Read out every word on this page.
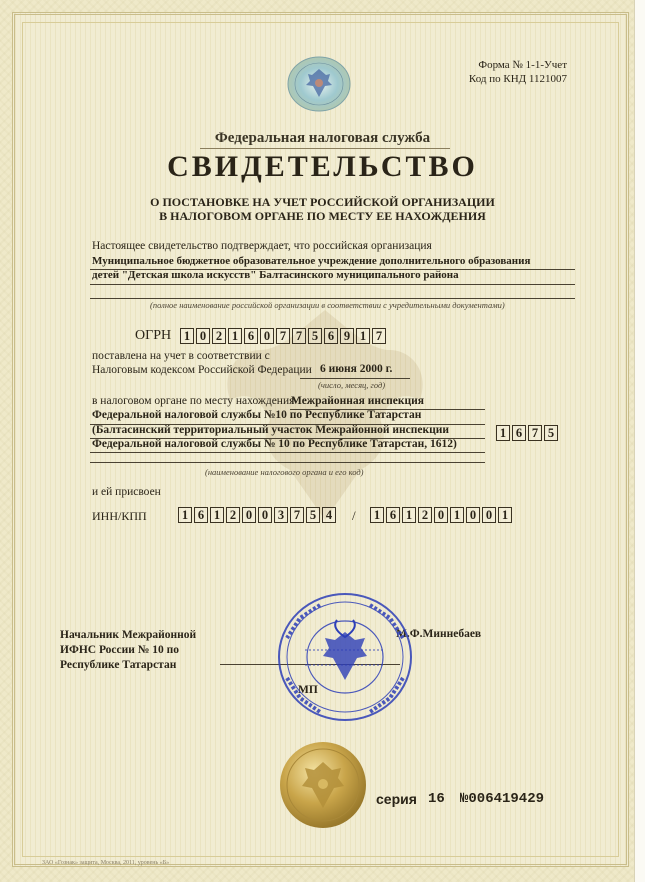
Форма № 1-1-Учет
Код по КНД 1121007
Федеральная налоговая служба
СВИДЕТЕЛЬСТВО
О ПОСТАНОВКЕ НА УЧЕТ РОССИЙСКОЙ ОРГАНИЗАЦИИ
В НАЛОГОВОМ ОРГАНЕ ПО МЕСТУ ЕЕ НАХОЖДЕНИЯ
Настоящее свидетельство подтверждает, что российская организация
Муниципальное бюджетное образовательное учреждение дополнительного образования
детей "Детская школа искусств" Балтасинского муниципального района
(полное наименование российской организации в соответствии с учредительными документами)
ОГРН	1 0 2 1 6 0 7 7 5 6 9 1 7
поставлена на учет в соответствии с
Налоговым кодексом Российской Федерации 6 июня 2000 г.
(число, месяц, год)
в налоговом органе по месту нахождения
Межрайонная инспекция
Федеральной налоговой службы №10 по Республике Татарстан
(Балтасинский территориальный участок Межрайонной инспекции
Федеральной налоговой службы № 10 по Республике Татарстан, 1612)
1 6 7 5
(наименование налогового органа и его код)
и ей присвоен
ИНН/КПП	1 6 1 2 0 0 3 7 5 4 /	1 6 1 2 0 1 0 0 1
Начальник Межрайонной
ИФНС России № 10 по
Республике Татарстан
М.Ф.Миннебаев
МП
серия 16 №006419429
ЗАО «Гознак» защита, Москва, 2011, уровень «Б»
